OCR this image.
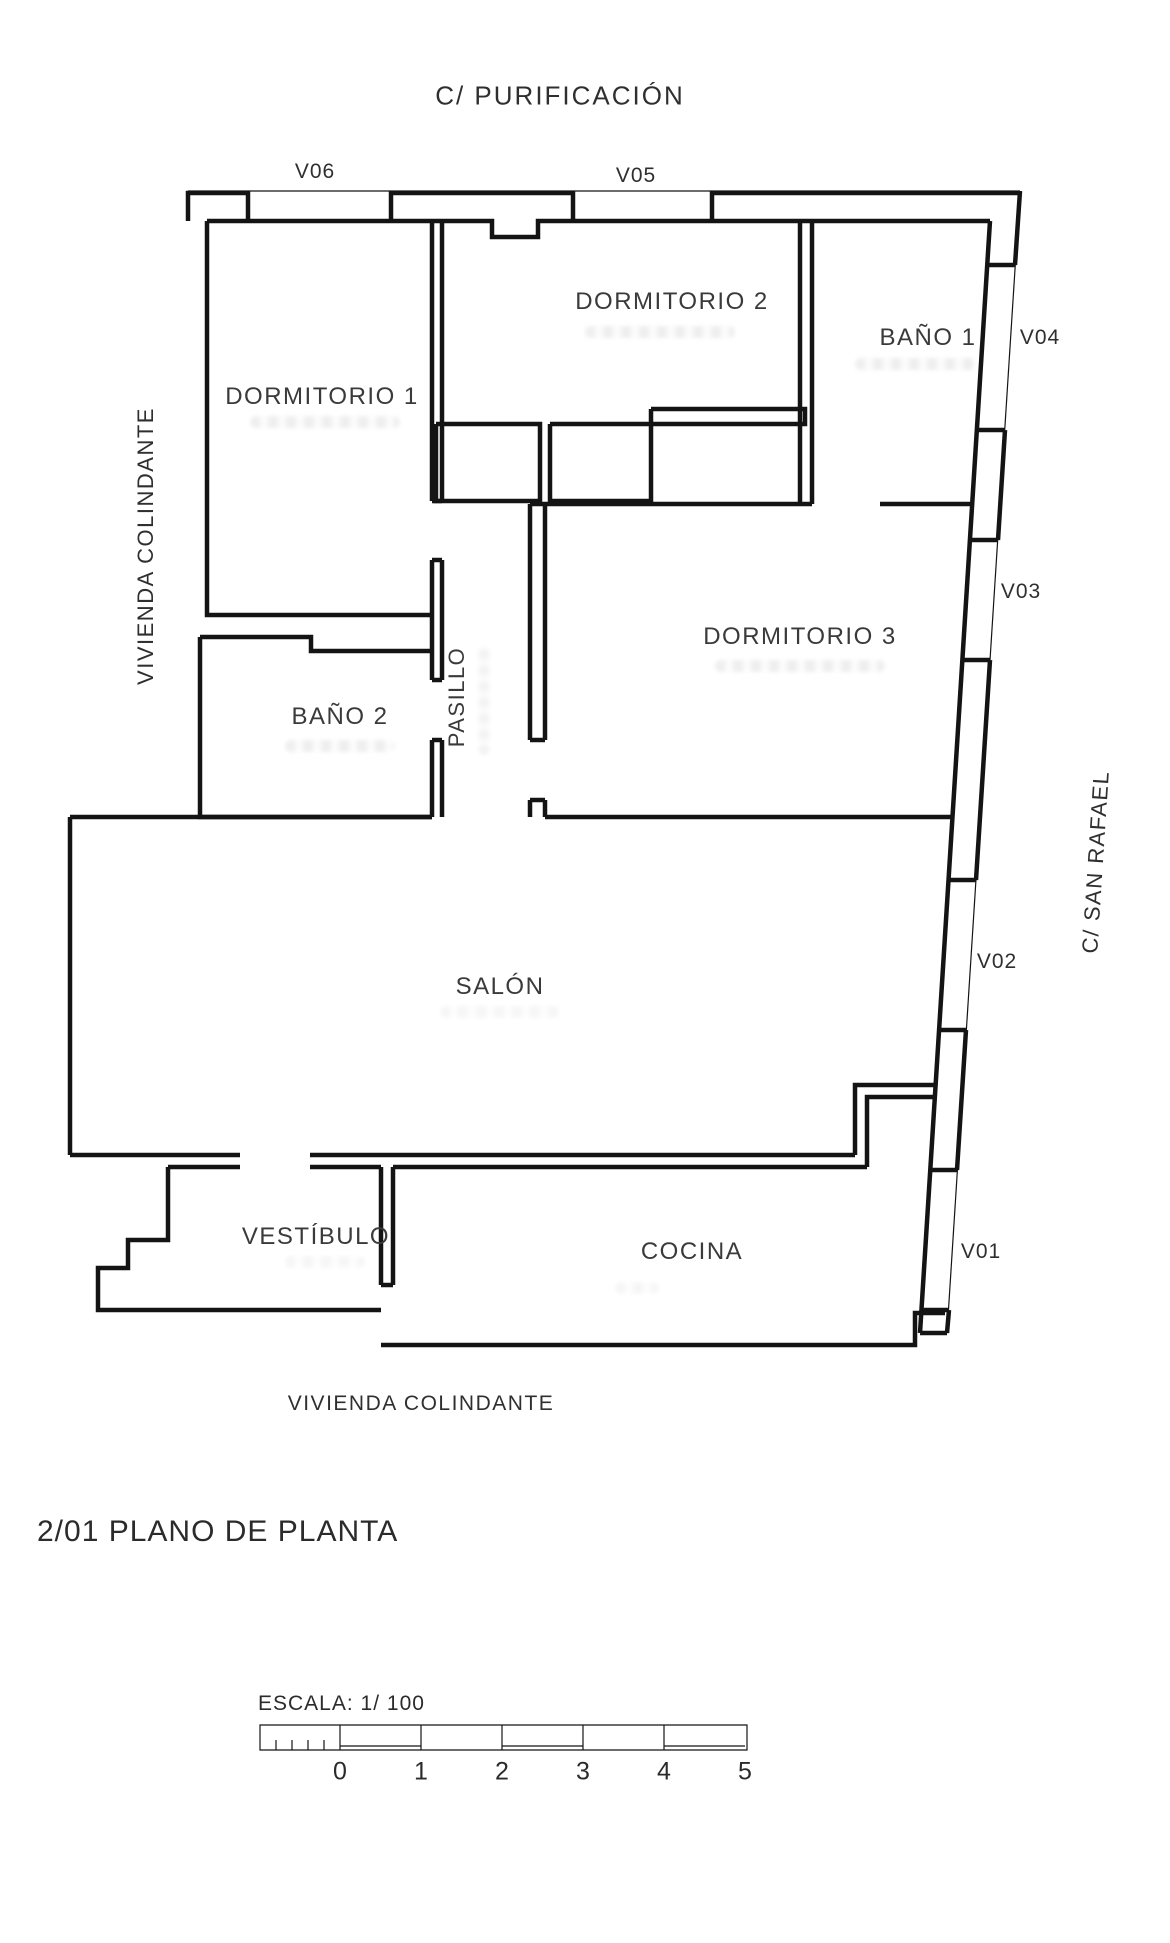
C/ PURIFICACIÓN
C/ SAN RAFAEL
VIVIENDA COLINDANTE
VIVIENDA COLINDANTE
V06	V05
V04
V03
V02
V01
DORMITORIO 1
DORMITORIO 2
BAÑO 1
DORMITORIO 3
BAÑO 2	PASILLO
SALÓN
VESTÍBULO
COCINA
2/01 PLANO DE PLANTA
ESCALA: 1/ 100
0	1	2	3	4	5
